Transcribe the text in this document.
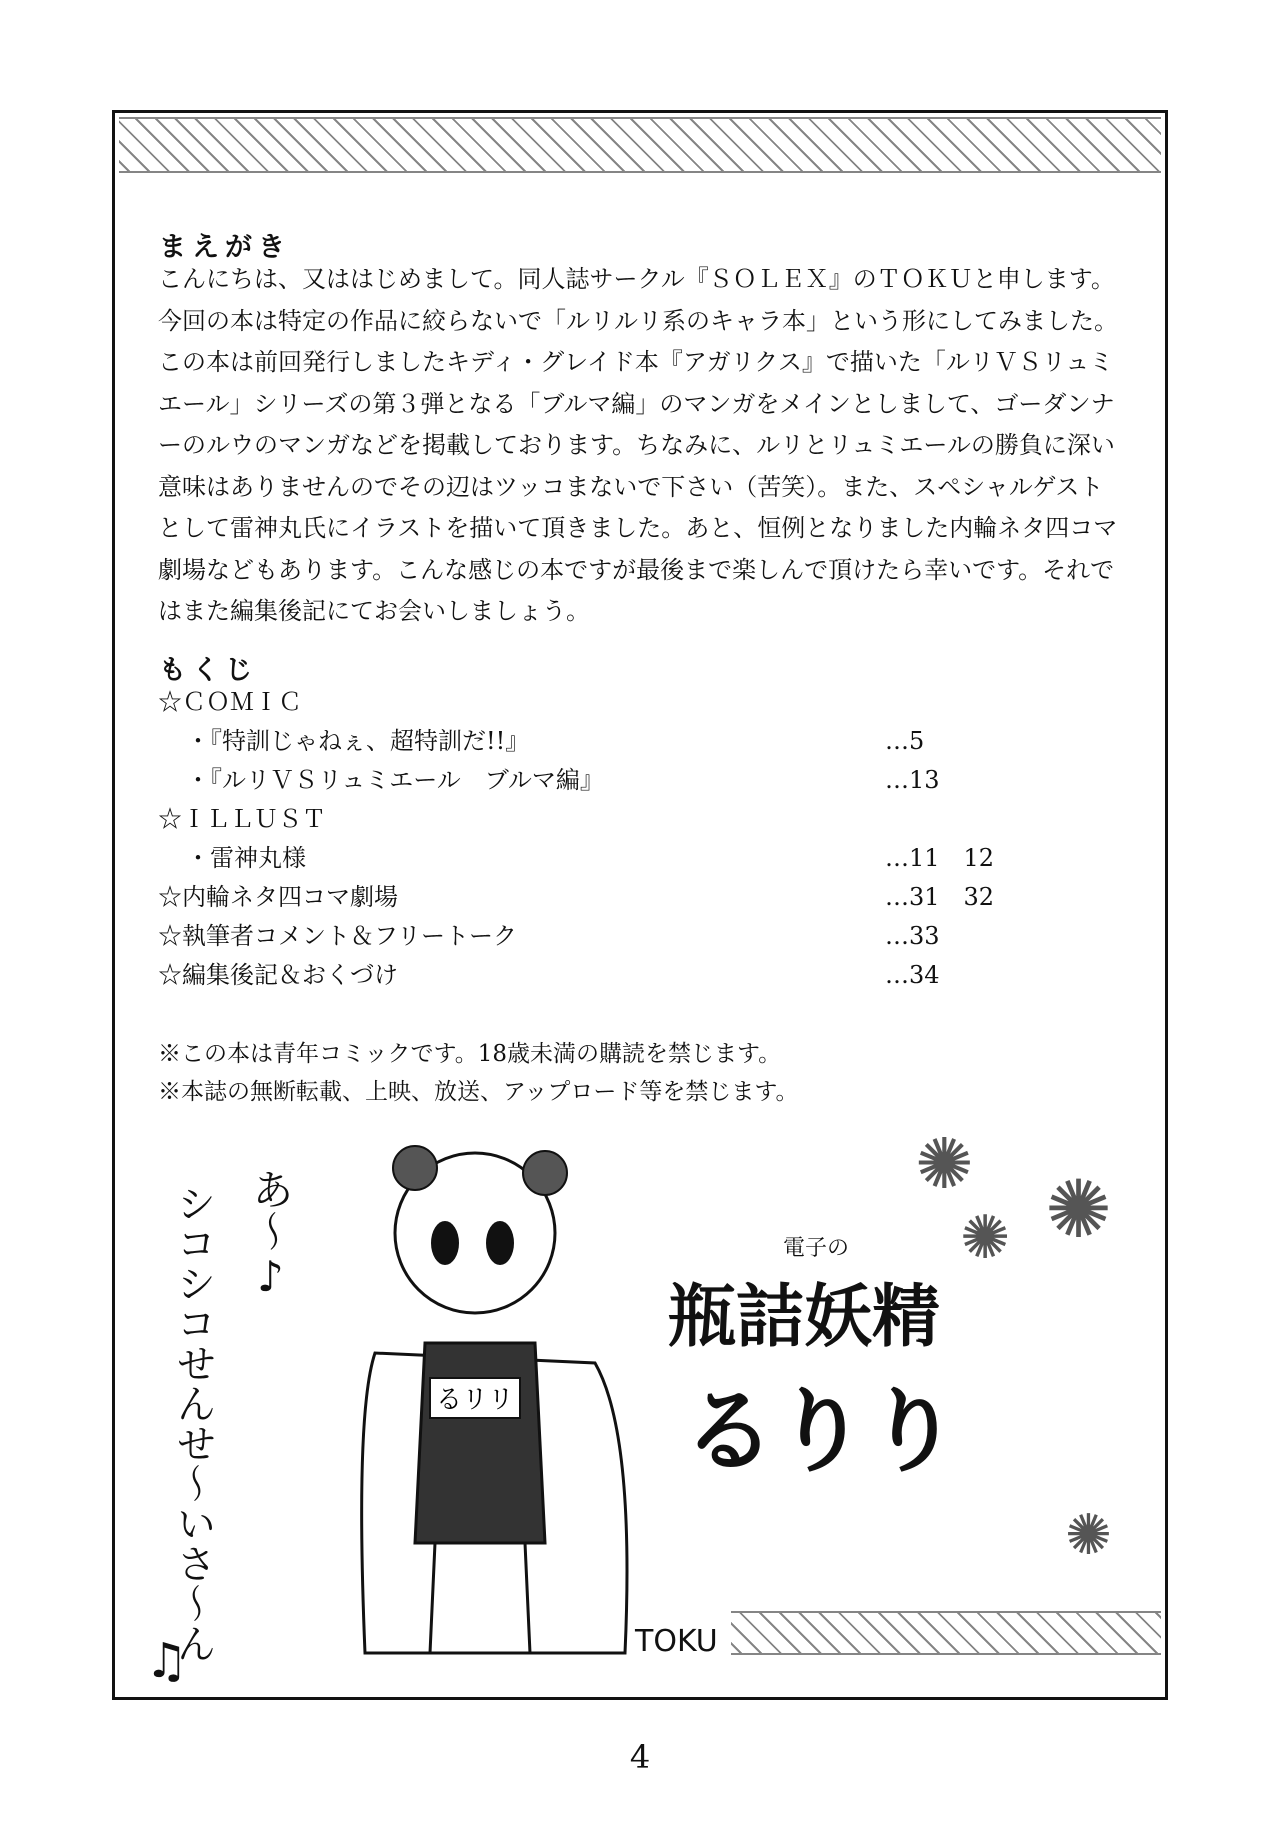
まえがき
こんにちは、又ははじめまして。同人誌サークル『ＳＯＬＥＸ』のＴＯＫＵと申します。
今回の本は特定の作品に絞らないで「ルリルリ系のキャラ本」という形にしてみました。
この本は前回発行しましたキディ・グレイド本『アガリクス』で描いた「ルリＶＳリュミ
エール」シリーズの第３弾となる「ブルマ編」のマンガをメインとしまして、ゴーダンナ
ーのルウのマンガなどを掲載しております。ちなみに、ルリとリュミエールの勝負に深い
意味はありませんのでその辺はツッコまないで下さい（苦笑）。また、スペシャルゲスト
として雷神丸氏にイラストを描いて頂きました。あと、恒例となりました内輪ネタ四コマ
劇場などもあります。こんな感じの本ですが最後まで楽しんで頂けたら幸いです。それで
はまた編集後記にてお会いしましょう。
もくじ
☆ＣＯＭＩＣ
・『特訓じゃねぇ、超特訓だ!!』	…5
・『ルリＶＳリュミエール　ブルマ編』	…13
☆ＩＬＬＵＳＴ
・雷神丸様	…11　12
☆内輪ネタ四コマ劇場	…31　32
☆執筆者コメント＆フリートーク	…33
☆編集後記＆おくづけ	…34
※この本は青年コミックです。18歳未満の購読を禁じます。
※本誌の無断転載、上映、放送、アップロード等を禁じます。
あ〜♪
シコシコせんせ〜いさ〜ん
♫
るリリ
電子の
瓶詰妖精
るりり
✺ ✺
✺
✺
TOKU
4
